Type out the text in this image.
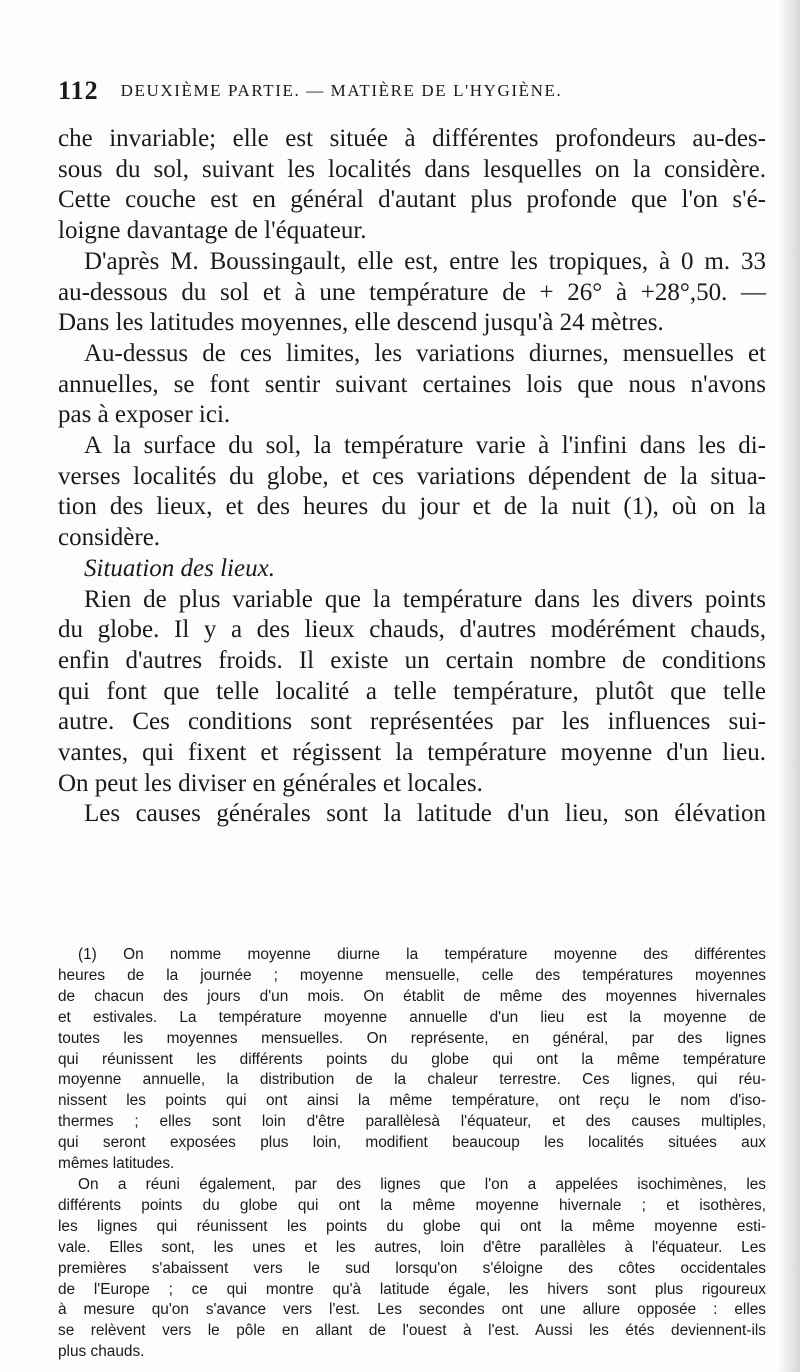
112 DEUXIÈME PARTIE. — MATIÈRE DE L'HYGIÈNE.
che invariable; elle est située à différentes profondeurs au-des-
sous du sol, suivant les localités dans lesquelles on la considère.
Cette couche est en général d'autant plus profonde que l'on s'é-
loigne davantage de l'équateur.
D'après M. Boussingault, elle est, entre les tropiques, à 0 m. 33
au-dessous du sol et à une température de + 26° à +28°,50. —
Dans les latitudes moyennes, elle descend jusqu'à 24 mètres.
Au-dessus de ces limites, les variations diurnes, mensuelles et
annuelles, se font sentir suivant certaines lois que nous n'avons
pas à exposer ici.
A la surface du sol, la température varie à l'infini dans les di-
verses localités du globe, et ces variations dépendent de la situa-
tion des lieux, et des heures du jour et de la nuit (1), où on la
considère.
Situation des lieux.
Rien de plus variable que la température dans les divers points
du globe. Il y a des lieux chauds, d'autres modérément chauds,
enfin d'autres froids. Il existe un certain nombre de conditions
qui font que telle localité a telle température, plutôt que telle
autre. Ces conditions sont représentées par les influences sui-
vantes, qui fixent et régissent la température moyenne d'un lieu.
On peut les diviser en générales et locales.
Les causes générales sont la latitude d'un lieu, son élévation
(1) On nomme moyenne diurne la température moyenne des différentes
heures de la journée ; moyenne mensuelle, celle des températures moyennes
de chacun des jours d'un mois. On établit de même des moyennes hivernales
et estivales. La température moyenne annuelle d'un lieu est la moyenne de
toutes les moyennes mensuelles. On représente, en général, par des lignes
qui réunissent les différents points du globe qui ont la même température
moyenne annuelle, la distribution de la chaleur terrestre. Ces lignes, qui réu-
nissent les points qui ont ainsi la même température, ont reçu le nom d'iso-
thermes ; elles sont loin d'être parallèlesà l'équateur, et des causes multiples,
qui seront exposées plus loin, modifient beaucoup les localités situées aux
mêmes latitudes.
On a réuni également, par des lignes que l'on a appelées isochimènes, les
différents points du globe qui ont la même moyenne hivernale ; et isothères,
les lignes qui réunissent les points du globe qui ont la même moyenne esti-
vale. Elles sont, les unes et les autres, loin d'être parallèles à l'équateur. Les
premières s'abaissent vers le sud lorsqu'on s'éloigne des côtes occidentales
de l'Europe ; ce qui montre qu'à latitude égale, les hivers sont plus rigoureux
à mesure qu'on s'avance vers l'est. Les secondes ont une allure opposée : elles
se relèvent vers le pôle en allant de l'ouest à l'est. Aussi les étés deviennent-ils
plus chauds.
